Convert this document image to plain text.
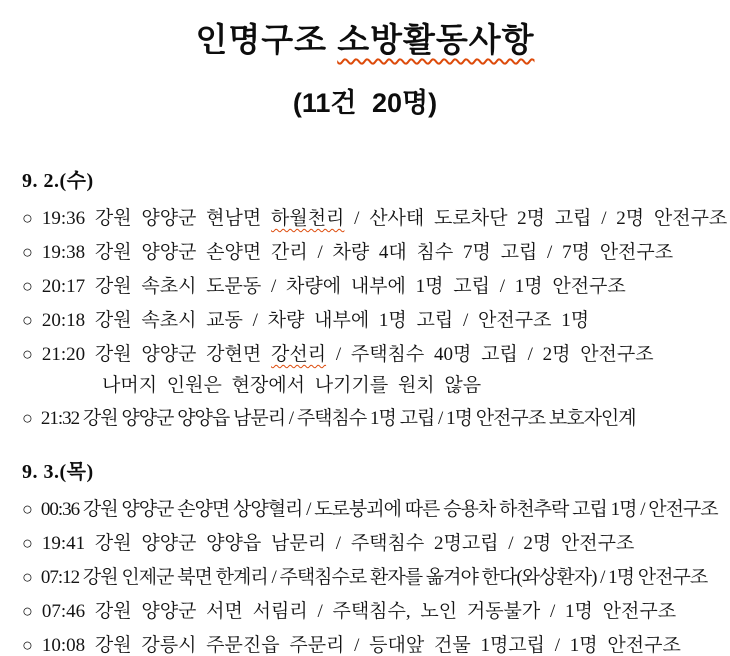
인명구조 소방활동사항
(11건 20명)
9. 2.(수)
○ 19:36 강원 양양군 현남면 하월천리 / 산사태 도로차단 2명 고립 / 2명 안전구조
○ 19:38 강원 양양군 손양면 간리 / 차량 4대 침수 7명 고립 / 7명 안전구조
○ 20:17 강원 속초시 도문동 / 차량에 내부에 1명 고립 / 1명 안전구조
○ 20:18 강원 속초시 교동 / 차량 내부에 1명 고립 / 안전구조 1명
○ 21:20 강원 양양군 강현면 강선리 / 주택침수 40명 고립 / 2명 안전구조
나머지 인원은 현장에서 나기기를 원치 않음
○ 21:32 강원 양양군 양양읍 남문리 / 주택침수 1명 고립 / 1명 안전구조 보호자인계
9. 3.(목)
○ 00:36 강원 양양군 손양면 상양혈리 / 도로붕괴에 따른 승용차 하천추락 고립 1명 / 안전구조
○ 19:41 강원 양양군 양양읍 남문리 / 주택침수 2명고립 / 2명 안전구조
○ 07:12 강원 인제군 북면 한계리 / 주택침수로 환자를 옮겨야 한다(와상환자) / 1명 안전구조
○ 07:46 강원 양양군 서면 서림리 / 주택침수, 노인 거동불가 / 1명 안전구조
○ 10:08 강원 강릉시 주문진읍 주문리 / 등대앞 건물 1명고립 / 1명 안전구조
